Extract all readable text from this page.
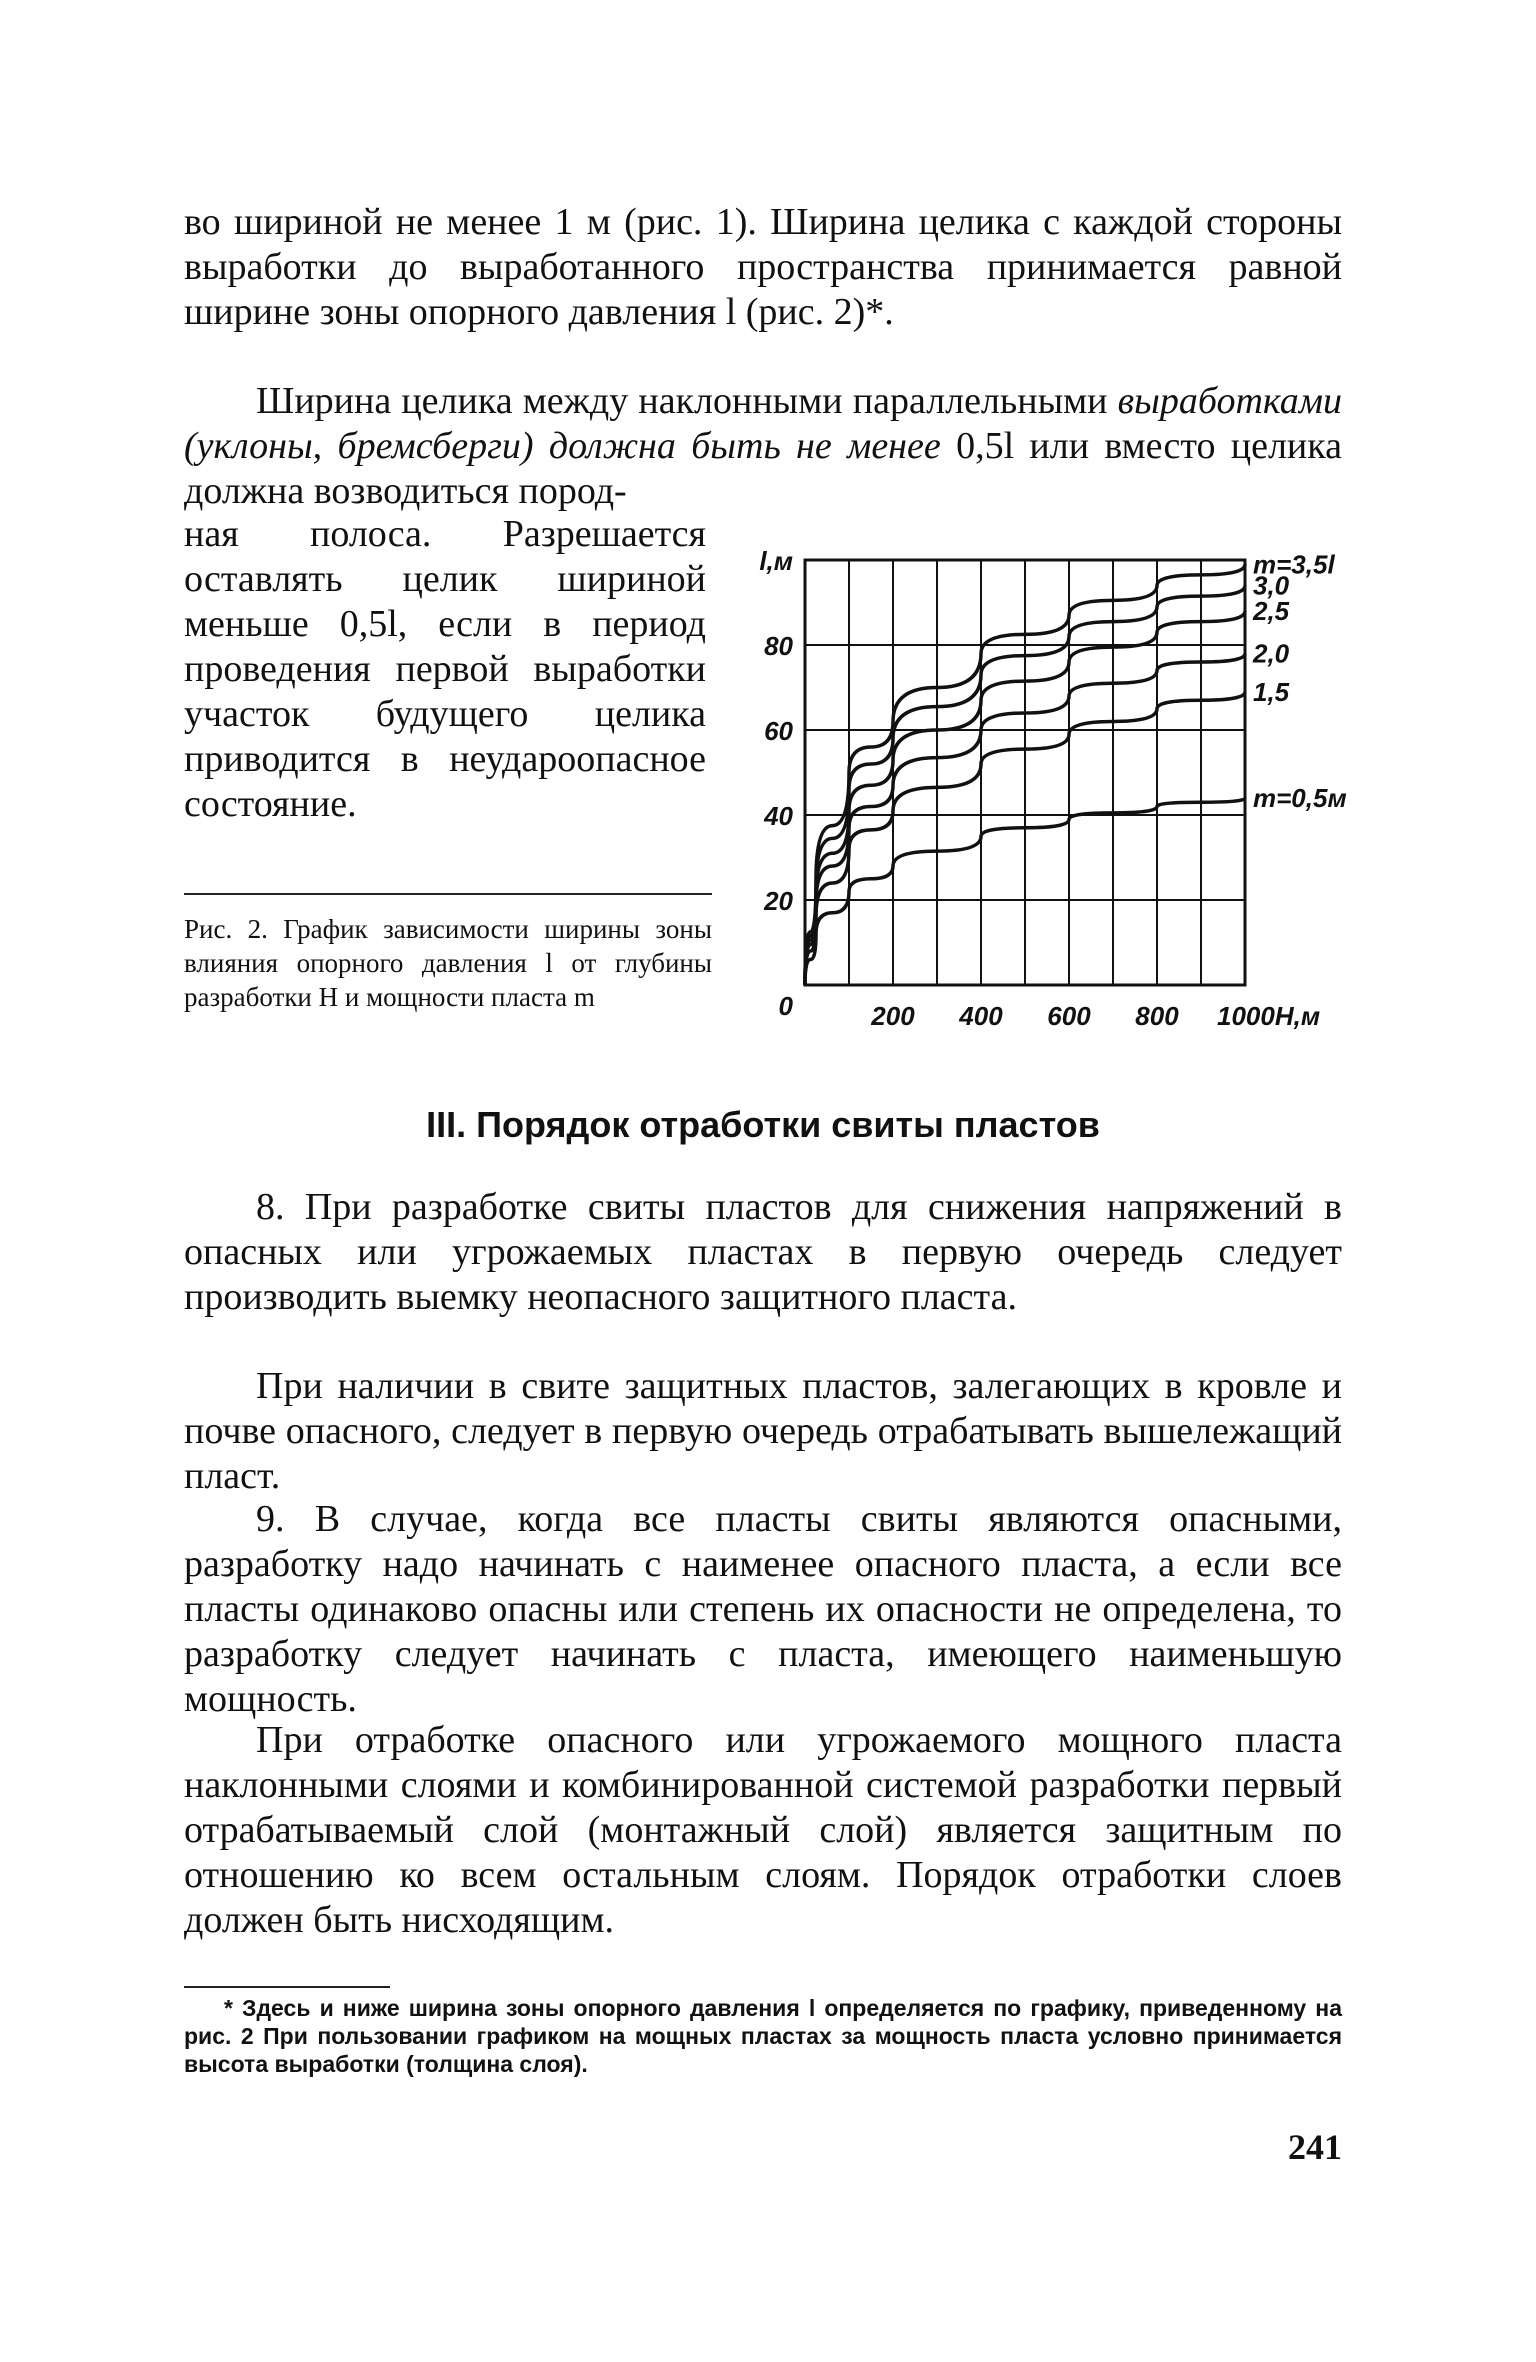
во шириной не менее 1 м (рис. 1). Ширина целика с каждой стороны выработки до выработанного пространства принимается равной ширине зоны опорного давления l (рис. 2)*.

Ширина целика между наклонными параллельными выработками (уклоны, бремсберги) должна быть не менее 0,5l или вместо целика должна возводиться пород-

ная полоса. Разрешается оставлять целик шириной меньше 0,5l, если в период проведения первой выработки участок будущего целика приводится в неудароопасное состояние.

Рис. 2. График зависимости ширины зоны влияния опорного давления l от глубины разработки H и мощности пласта m

m=3,5l
3,0
2,5
2,0
1,5
m=0,5м
200 400 600 800 1000Н,м
0
20
40
60
80
l,м
III. Порядок отработки свиты пластов

8. При разработке свиты пластов для снижения напряжений в опасных или угрожаемых пластах в первую очередь следует производить выемку неопасного защитного пласта.

При наличии в свите защитных пластов, залегающих в кровле и почве опасного, следует в первую очередь отрабатывать вышележащий пласт.

9. В случае, когда все пласты свиты являются опасными, разработку надо начинать с наименее опасного пласта, а если все пласты одинаково опасны или степень их опасности не определена, то разработку следует начинать с пласта, имеющего наименьшую мощность.

При отработке опасного или угрожаемого мощного пласта наклонными слоями и комбинированной системой разработки первый отрабатываемый слой (монтажный слой) является защитным по отношению ко всем остальным слоям. Порядок отработки слоев должен быть нисходящим.

* Здесь и ниже ширина зоны опорного давления l определяется по графику, приведенному на рис. 2 При пользовании графиком на мощных пластах за мощность пласта условно принимается высота выработки (толщина слоя).

241
